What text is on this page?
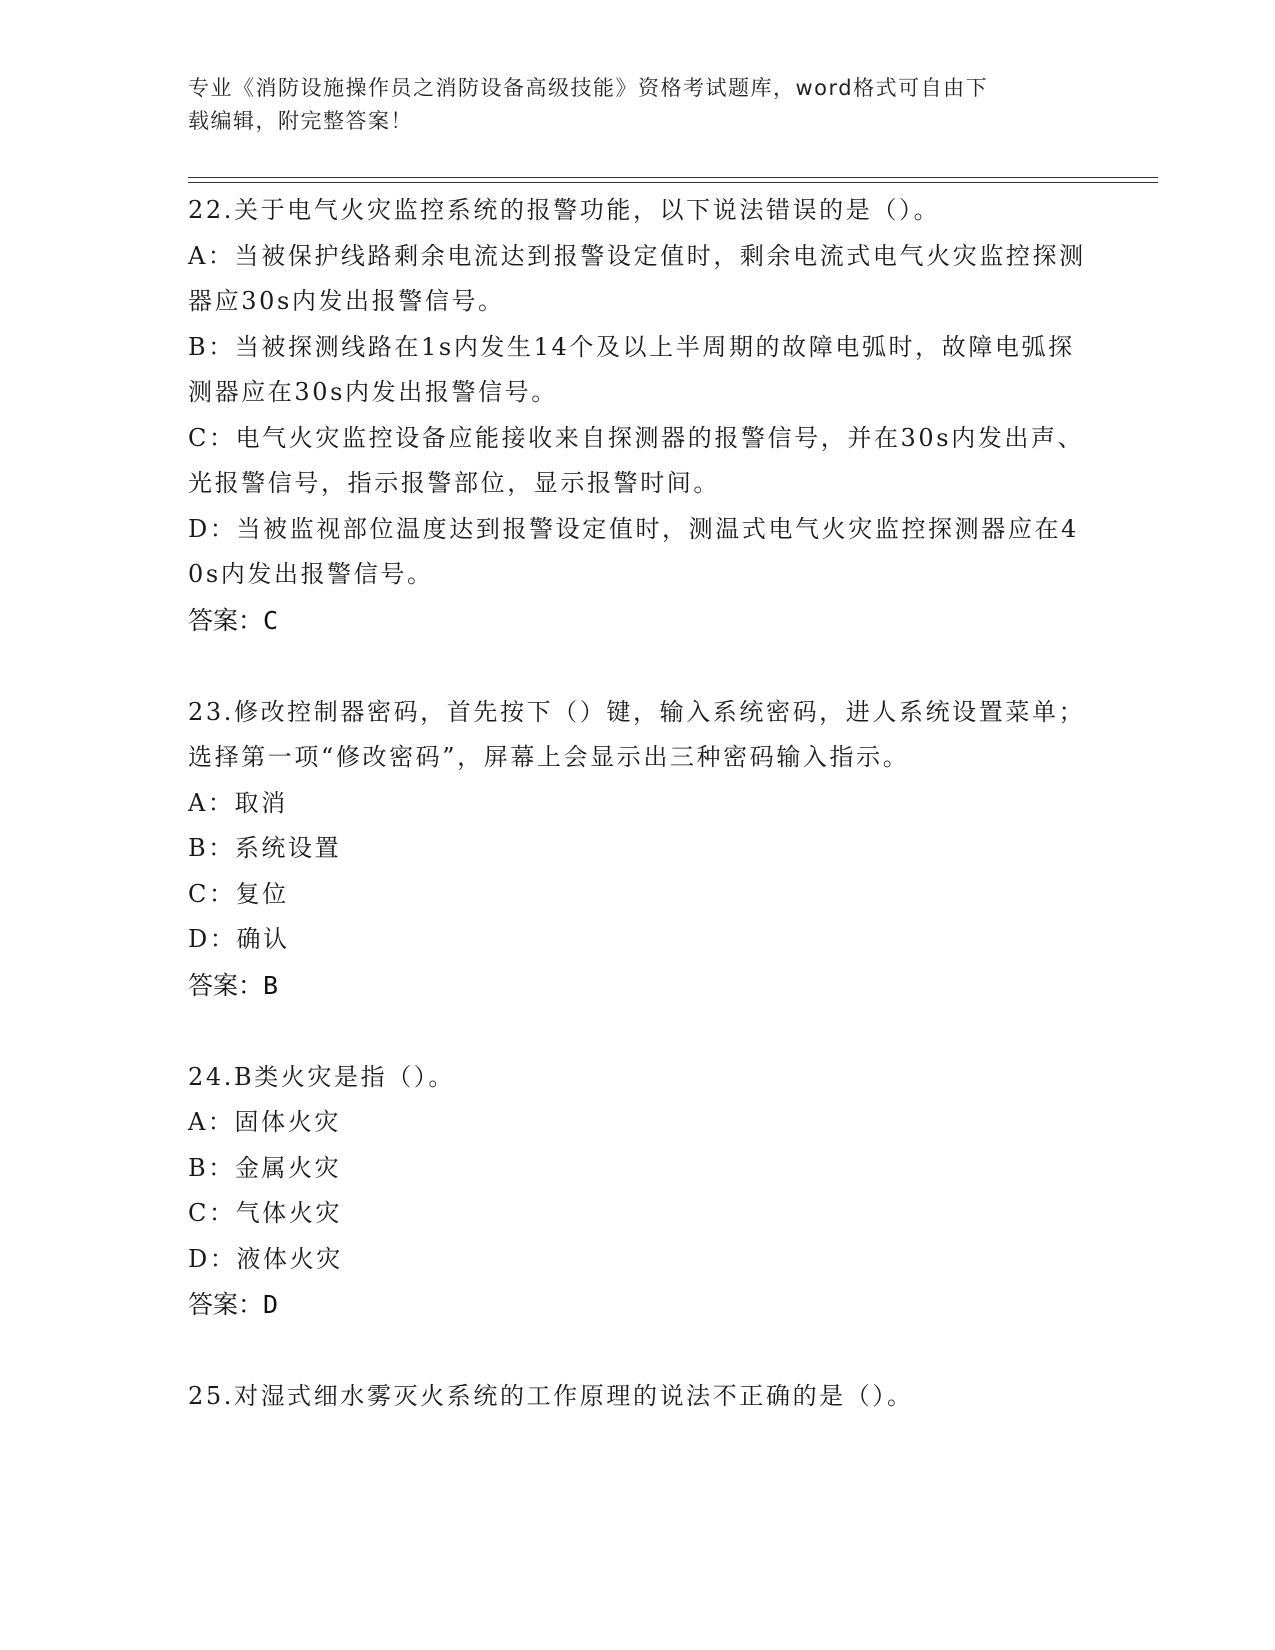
专业《消防设施操作员之消防设备高级技能》资格考试题库，word格式可自由下
载编辑，附完整答案！

22.关于电气火灾监控系统的报警功能，以下说法错误的是（）。

A：当被保护线路剩余电流达到报警设定值时，剩余电流式电气火灾监控探测器应30s内发出报警信号。

B：当被探测线路在1s内发生14个及以上半周期的故障电弧时，故障电弧探测器应在30s内发出报警信号。

C：电气火灾监控设备应能接收来自探测器的报警信号，并在30s内发出声、光报警信号，指示报警部位，显示报警时间。

D：当被监视部位温度达到报警设定值时，测温式电气火灾监控探测器应在40s内发出报警信号。

答案：C

23.修改控制器密码，首先按下（）键，输入系统密码，进人系统设置菜单；选择第一项“修改密码”，屏幕上会显示出三种密码输入指示。

A：取消

B：系统设置

C：复位

D：确认

答案：B

24.B类火灾是指（）。

A：固体火灾

B：金属火灾

C：气体火灾

D：液体火灾

答案：D

25.对湿式细水雾灭火系统的工作原理的说法不正确的是（）。
